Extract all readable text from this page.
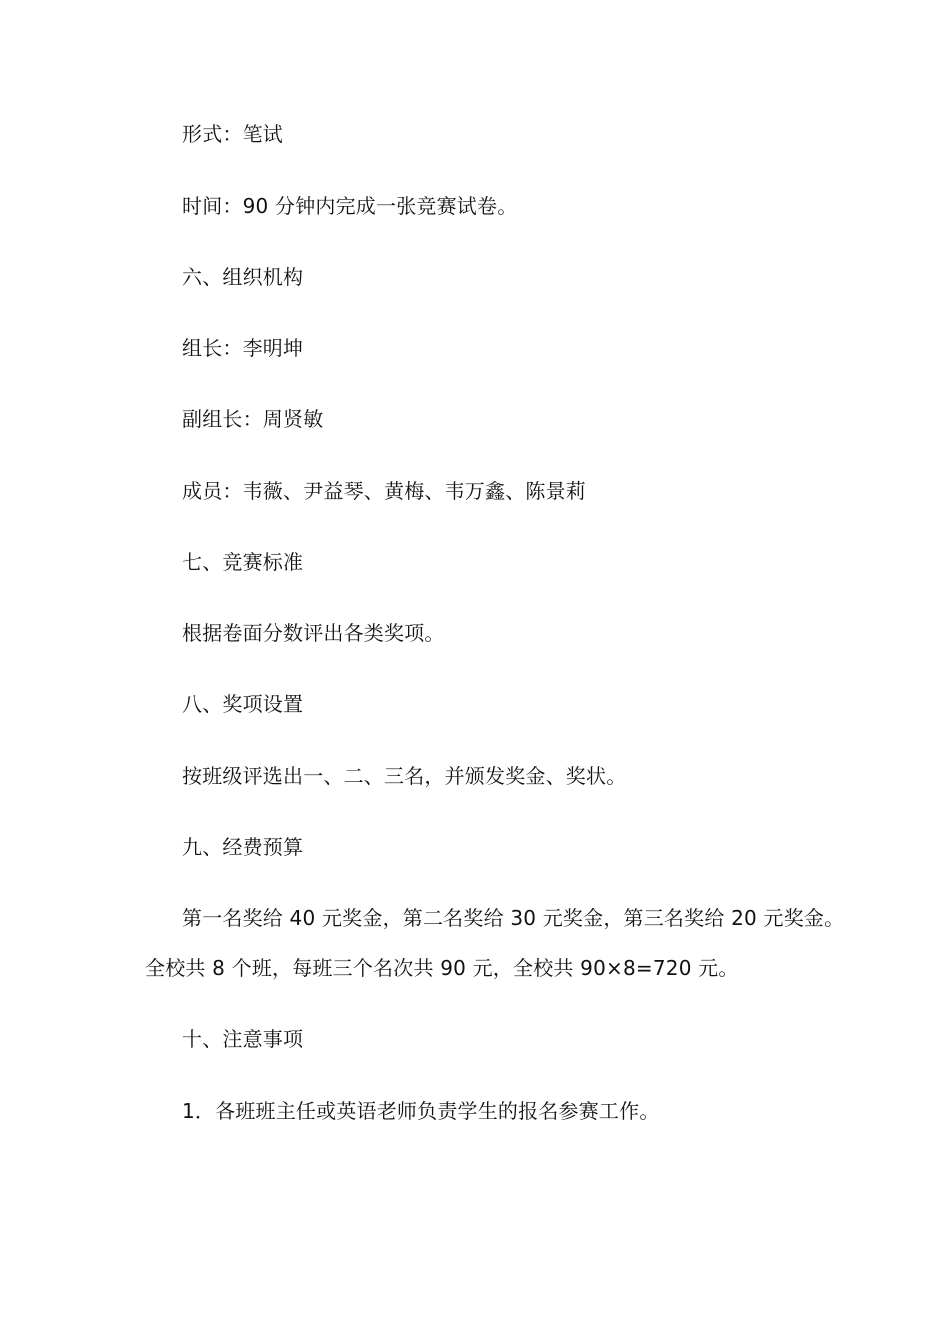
形式：笔试
时间：90 分钟内完成一张竞赛试卷。
六、组织机构
组长：李明坤
副组长：周贤敏
成员：韦薇、尹益琴、黄梅、韦万鑫、陈景莉
七、竞赛标准
根据卷面分数评出各类奖项。
八、奖项设置
按班级评选出一、二、三名，并颁发奖金、奖状。
九、经费预算
第一名奖给 40 元奖金，第二名奖给 30 元奖金，第三名奖给 20 元奖金。
全校共 8 个班，每班三个名次共 90 元，全校共 90×8=720 元。
十、注意事项
1．各班班主任或英语老师负责学生的报名参赛工作。
